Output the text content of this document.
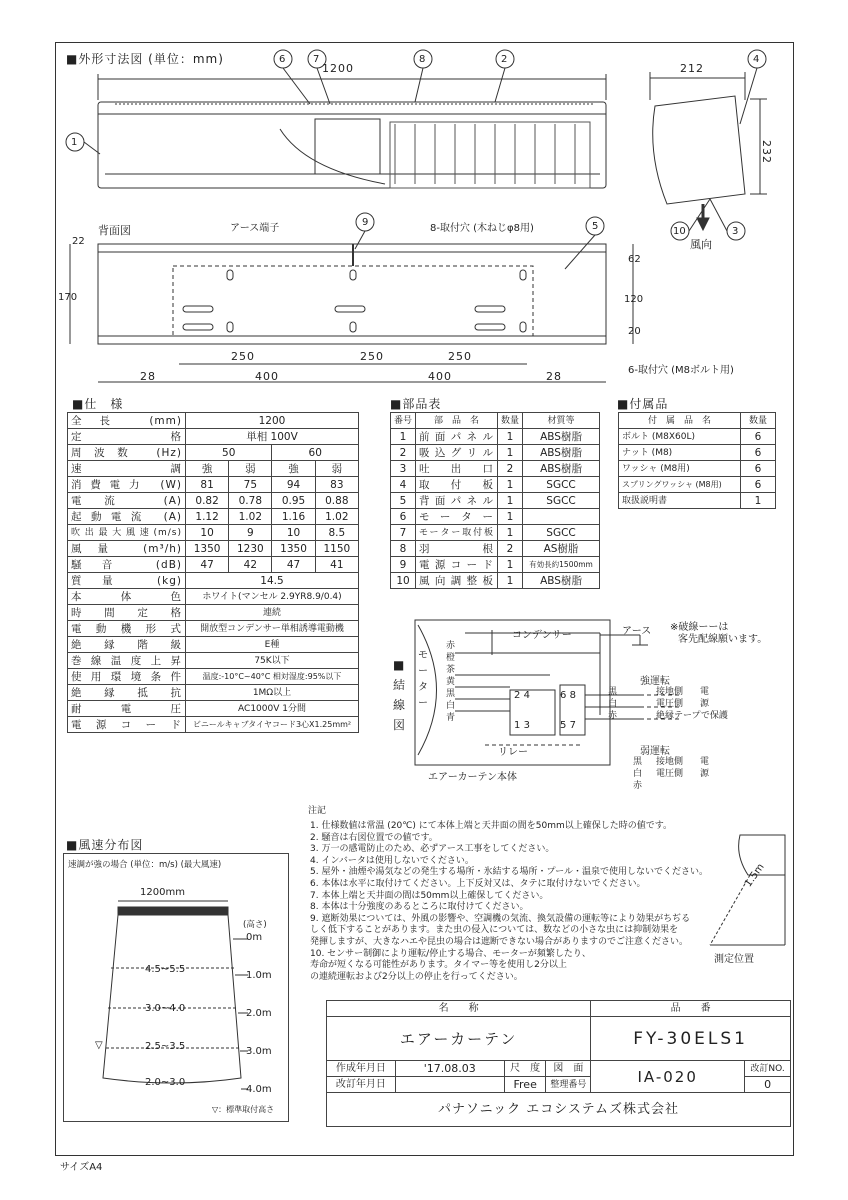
■外形寸法図 (単位：mm)
1200	212
232
6	7	8	2
1
4
10	3
9	5
風向
背面図	アース端子	8-取付穴 (木ねじφ8用)
6-取付穴 (M8ボルト用)
22
170
62
120
20
250	250	250
28	400	400	28
■仕　様
全長 (mm)	1200			
定　　格	単相 100V			
周波数 (Hz)	50		60	
速　　調	強	弱	強	弱
消費電力 (W)	81	75	94	83
電流 (A)	0.82	0.78	0.95	0.88
起動電流 (A)	1.12	1.02	1.16	1.02
吹出最大風速(m/s)	10	9	10	8.5
風量 (m³/h)	1350	1230	1350	1150
騒音 (dB)	47	42	47	41
質量 (kg)	14.5			
本　体　色	ホワイト(マンセル 2.9YR8.9/0.4)			
時　間　定　格	連続			
電動機形式	開放型コンデンサー単相誘導電動機			
絶　縁　階　級	E種			
巻線温度上昇	75K以下			
使用環境条件	温度:-10°C~40°C 相対湿度:95%以下			
絶　縁　抵　抗	1MΩ以上			
耐　電　圧	AC1000V 1分間			
電源コード	ビニールキャブタイヤコード3心X1.25mm²			
■部品表
番号	部　品　名	数量	材質等
1	前面パネル	1	ABS樹脂
2	吸込グリル	1	ABS樹脂
3	吐　出　口	2	ABS樹脂
4	取　付　板	1	SGCC
5	背面パネル	1	SGCC
6	モーター	1	
7	モーター取付板	1	SGCC
8	羽　　根	2	AS樹脂
9	電源コード	1	有効長約1500mm
10	風向調整板	1	ABS樹脂
■付属品
付　属　品　名	数量
ボルト (M8X60L)	6
ナット (M8)	6
ワッシャ (M8用)	6
スプリングワッシャ (M8用)	6
取扱説明書	1
■結線図
※破線ーーは
客先配線願います。
コンデンサー	アース
モーター
リレー
エアーカーテン本体
赤
橙
茶
黄
黒
白
青
2 4
1 3
6 8
5 7
強運転
黒
白
赤
接地側
電圧側
絶縁テープで保護
電
源
弱運転
黒
白
赤
接地側
電圧側
電
源
注記
1. 仕様数値は常温 (20℃) にて本体上端と天井面の間を50mm以上確保した時の値です。
2. 騒音は右図位置での値です。
3. 万一の感電防止のため、必ずアース工事をしてください。
4. インバータは使用しないでください。
5. 屋外・油煙や湯気などの発生する場所・氷結する場所・プール・温泉で使用しないでください。
6. 本体は水平に取付けてください。上下反対又は、タテに取付けないでください。
7. 本体上端と天井面の間は50mm以上確保してください。
8. 本体は十分強度のあるところに取付けてください。
9. 遮断効果については、外風の影響や、空調機の気流、換気設備の運転等により効果がちぢる
しく低下することがあります。また虫の侵入については、数などの小さな虫には抑制効果を
発揮しますが、大きなハエや昆虫の場合は遮断できない場合がありますのでご注意ください。
10. センサー制御により運転/停止する場合、モーターが頻繁したり、
寿命が短くなる可能性があります。タイマー等を使用し2分以上
の連続運転および2分以上の停止を行ってください。
1.5m
測定位置
■風速分布図
速調が強の場合 (単位：m/s) (最大風速)
1200mm
(高さ)
0m
1.0m
2.0m
3.0m
4.0m
4.5~5.5
3.0~4.0
2.5~3.5
2.0~3.0
▽
▽：標準取付高さ
名　　称				品　　番	
エアーカーテン				FY-30ELS1	
作成年月日	'17.08.03	尺　度	図　面	IA-020	改訂NO.
改訂年月日		Free	整理番号		0
パナソニック エコシステムズ株式会社					
サイズA4
